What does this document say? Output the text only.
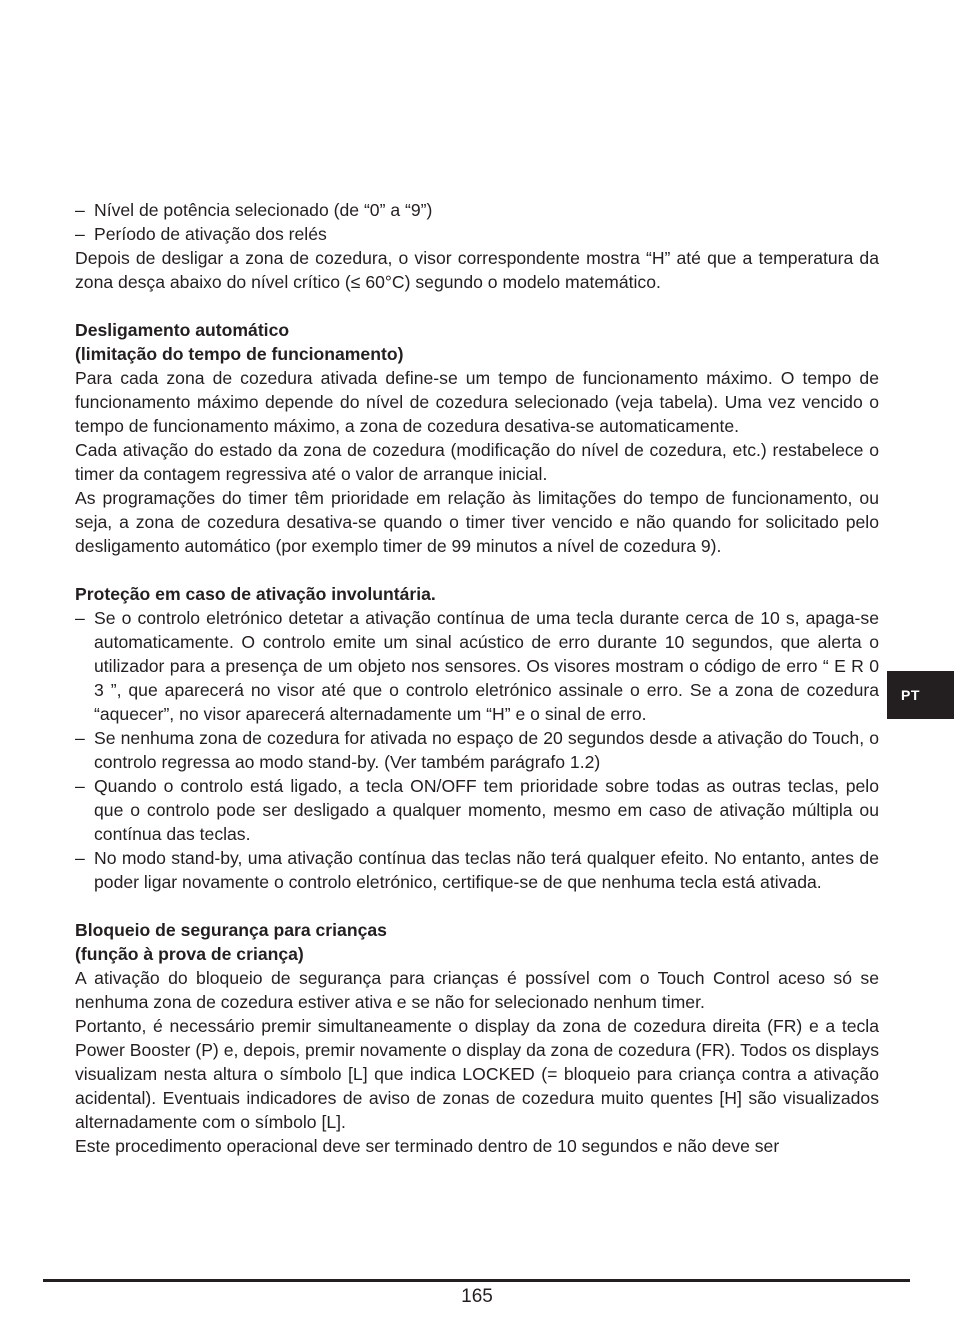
– Nível de potência selecionado (de “0” a “9”)
– Período de ativação dos relés

Depois de desligar a zona de cozedura, o visor correspondente mostra “H” até que a temperatura da zona desça abaixo do nível crítico (≤ 60°C) segundo o modelo matemático.

Desligamento automático

(limitação do tempo de funcionamento)

Para cada zona de cozedura ativada define-se um tempo de funcionamento máximo. O tempo de funcionamento máximo depende do nível de cozedura selecionado (veja tabela). Uma vez vencido o tempo de funcionamento máximo, a zona de cozedura desativa-se automaticamente.

Cada ativação do estado da zona de cozedura (modificação do nível de cozedura, etc.) restabelece o timer da contagem regressiva até o valor de arranque inicial.

As programações do timer têm prioridade em relação às limitações do tempo de funcionamento, ou seja, a zona de cozedura desativa-se quando o timer tiver vencido e não quando for solicitado pelo desligamento automático (por exemplo timer de 99 minutos a nível de cozedura 9).

Proteção em caso de ativação involuntária.

– Se o controlo eletrónico detetar a ativação contínua de uma tecla durante cerca de 10 s, apaga-se automaticamente. O controlo emite um sinal acústico de erro durante 10 segundos, que alerta o utilizador para a presença de um objeto nos sensores. Os visores mostram o código de erro “ E R 0 3 ”, que aparecerá no visor até que o controlo eletrónico assinale o erro. Se a zona de cozedura “aquecer”, no visor aparecerá alternadamente um “H” e o sinal de erro.
– Se nenhuma zona de cozedura for ativada no espaço de 20 segundos desde a ativação do Touch, o controlo regressa ao modo stand-by. (Ver também parágrafo 1.2)
– Quando o controlo está ligado, a tecla ON/OFF tem prioridade sobre todas as outras teclas, pelo que o controlo pode ser desligado a qualquer momento, mesmo em caso de ativação múltipla ou contínua das teclas.
– No modo stand-by, uma ativação contínua das teclas não terá qualquer efeito. No entanto, antes de poder ligar novamente o controlo eletrónico, certifique-se de que nenhuma tecla está ativada.

Bloqueio de segurança para crianças

(função à prova de criança)

A ativação do bloqueio de segurança para crianças é possível com o Touch Control aceso só se nenhuma zona de cozedura estiver ativa e se não for selecionado nenhum timer.

Portanto, é necessário premir simultaneamente o display da zona de cozedura direita (FR) e a tecla Power Booster (P) e, depois, premir novamente o display da zona de cozedura (FR). Todos os displays visualizam nesta altura o símbolo [L] que indica LOCKED (= bloqueio para criança contra a ativação acidental). Eventuais indicadores de aviso de zonas de cozedura muito quentes [H] são visualizados alternadamente com o símbolo [L].

Este procedimento operacional deve ser terminado dentro de 10 segundos e não deve ser

PT
165
